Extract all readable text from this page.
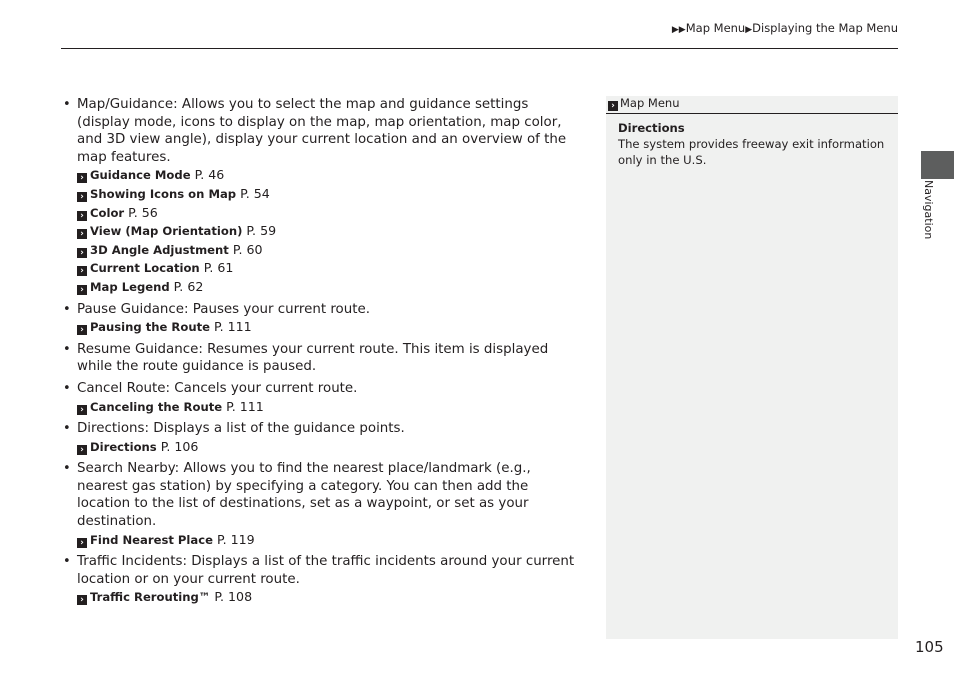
▶▶Map Menu▶Displaying the Map Menu
• Map/Guidance: Allows you to select the map and guidance settings (display mode, icons to display on the map, map orientation, map color, and 3D view angle), display your current location and an overview of the map features.
› Guidance Mode P. 46
› Showing Icons on Map P. 54
› Color P. 56
› View (Map Orientation) P. 59
› 3D Angle Adjustment P. 60
› Current Location P. 61
› Map Legend P. 62
• Pause Guidance: Pauses your current route.
› Pausing the Route P. 111
• Resume Guidance: Resumes your current route. This item is displayed while the route guidance is paused.
• Cancel Route: Cancels your current route.
› Canceling the Route P. 111
• Directions: Displays a list of the guidance points.
› Directions P. 106
• Search Nearby: Allows you to find the nearest place/landmark (e.g., nearest gas station) by specifying a category. You can then add the location to the list of destinations, set as a waypoint, or set as your destination.
› Find Nearest Place P. 119
• Traffic Incidents: Displays a list of the traffic incidents around your current location or on your current route.
› Traffic Rerouting™ P. 108
› Map Menu
Directions
The system provides freeway exit information only in the U.S.
Navigation
105
